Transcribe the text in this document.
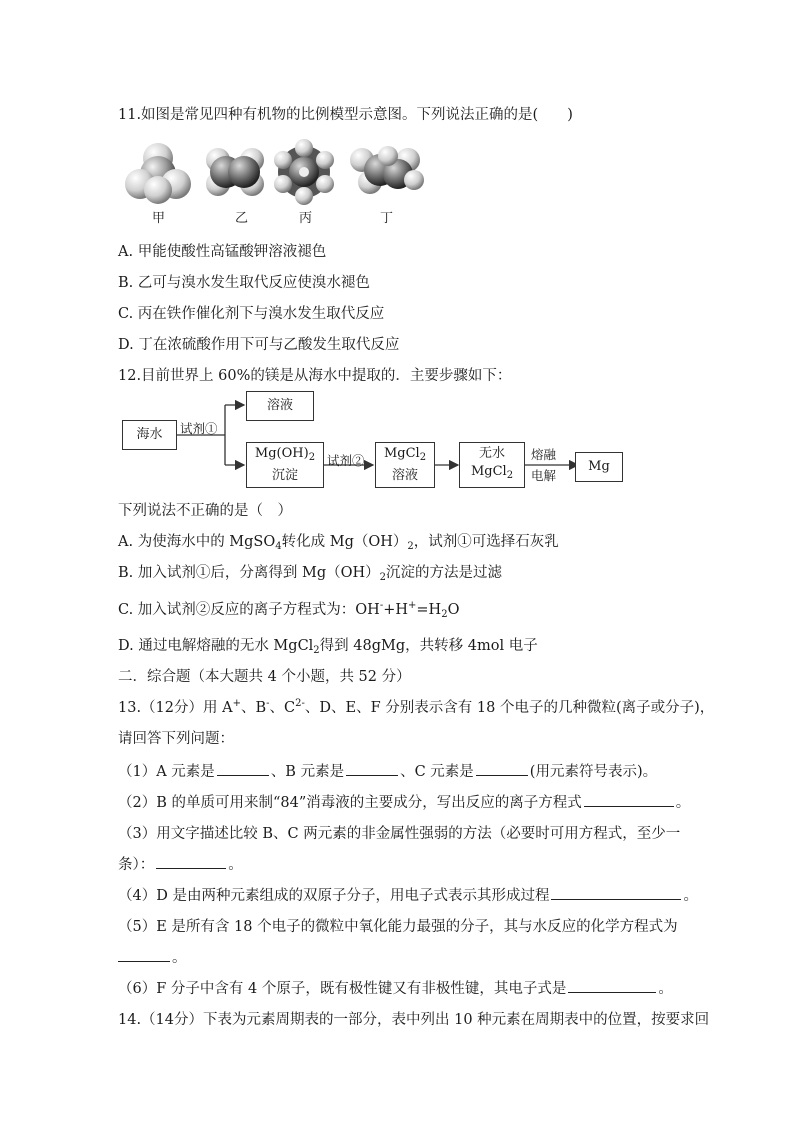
11.如图是常见四种有机物的比例模型示意图。下列说法正确的是(　　)
甲	乙	丙	丁
A. 甲能使酸性高锰酸钾溶液褪色
B. 乙可与溴水发生取代反应使溴水褪色
C. 丙在铁作催化剂下与溴水发生取代反应
D. 丁在浓硫酸作用下可与乙酸发生取代反应
12.目前世界上 60%的镁是从海水中提取的．主要步骤如下：
海水 试剂①
溶液
$Mg(OH)_2$
沉淀
试剂② MgCl$_2$
溶液
无水
MgCl$_2$
熔融
电解
Mg
下列说法不正确的是（　）
A. 为使海水中的 MgSO$_4$转化成 $Mg(OH)_2$，试剂①可选择石灰乳
B. 加入试剂①后，分离得到 $Mg(OH)_2$沉淀的方法是过滤
C. 加入试剂②反应的离子方程式为：$OH^-+H^+=H_2O$
D. 通过电解熔融的无水 MgCl$_2$得到 48gMg，共转移 4mol 电子
二．综合题（本大题共 4 个小题，共 52 分）
13.（12分）用 A+、B-、$C^{2-}$、D、E、F 分别表示含有 18 个电子的几种微粒(离子或分子)，
请回答下列问题：
（1）A 元素是	、B 元素是	、C 元素是	(用元素符号表示)。
（2）B 的单质可用来制“84”消毒液的主要成分，写出反应的离子方程式	。
（3）用文字描述比较 B、C 两元素的非金属性强弱的方法（必要时可用方程式，至少一
条）：	。
（4）D 是由两种元素组成的双原子分子，用电子式表示其形成过程	。
（5）E 是所有含 18 个电子的微粒中氧化能力最强的分子，其与水反应的化学方程式为
。
（6）F 分子中含有 4 个原子，既有极性键又有非极性键，其电子式是	。
14.（14分）下表为元素周期表的一部分，表中列出 10 种元素在周期表中的位置，按要求回
